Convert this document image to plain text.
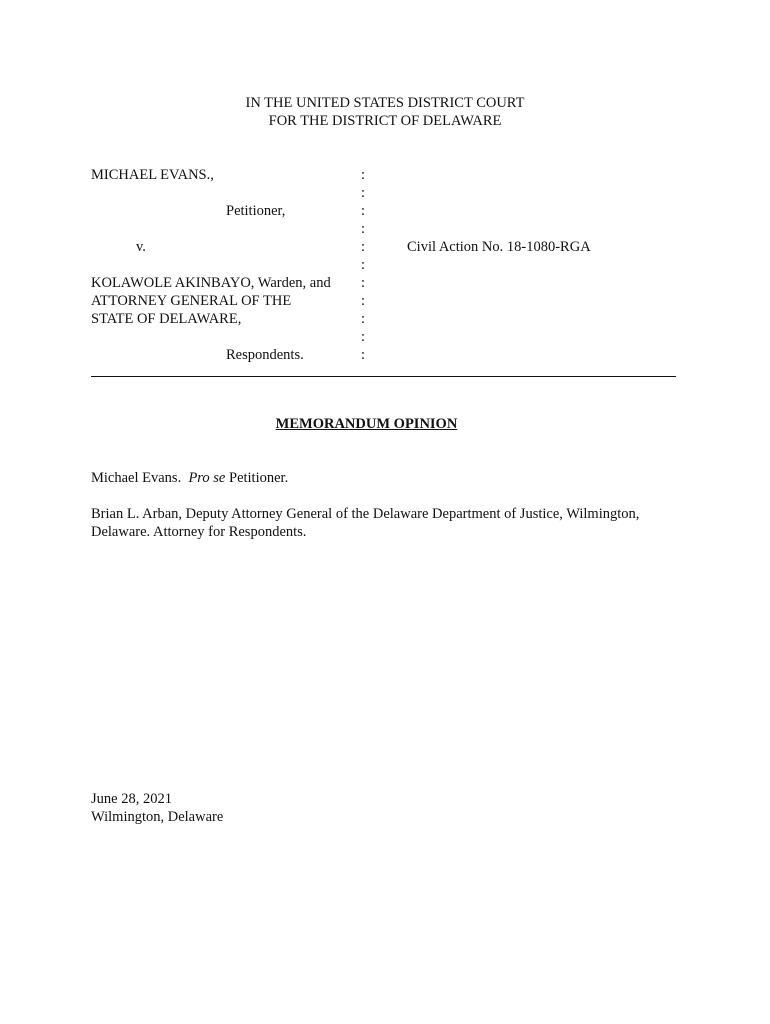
IN THE UNITED STATES DISTRICT COURT
FOR THE DISTRICT OF DELAWARE
MICHAEL EVANS.,
Petitioner,
v.
KOLAWOLE AKINBAYO, Warden, and
ATTORNEY GENERAL OF THE
STATE OF DELAWARE,
Respondents.
:
:
:
:
:
:
:
:
:
:
:
Civil Action No. 18-1080-RGA
MEMORANDUM OPINION
Michael Evans. Pro se Petitioner.
Brian L. Arban, Deputy Attorney General of the Delaware Department of Justice, Wilmington, Delaware. Attorney for Respondents.
June 28, 2021
Wilmington, Delaware
